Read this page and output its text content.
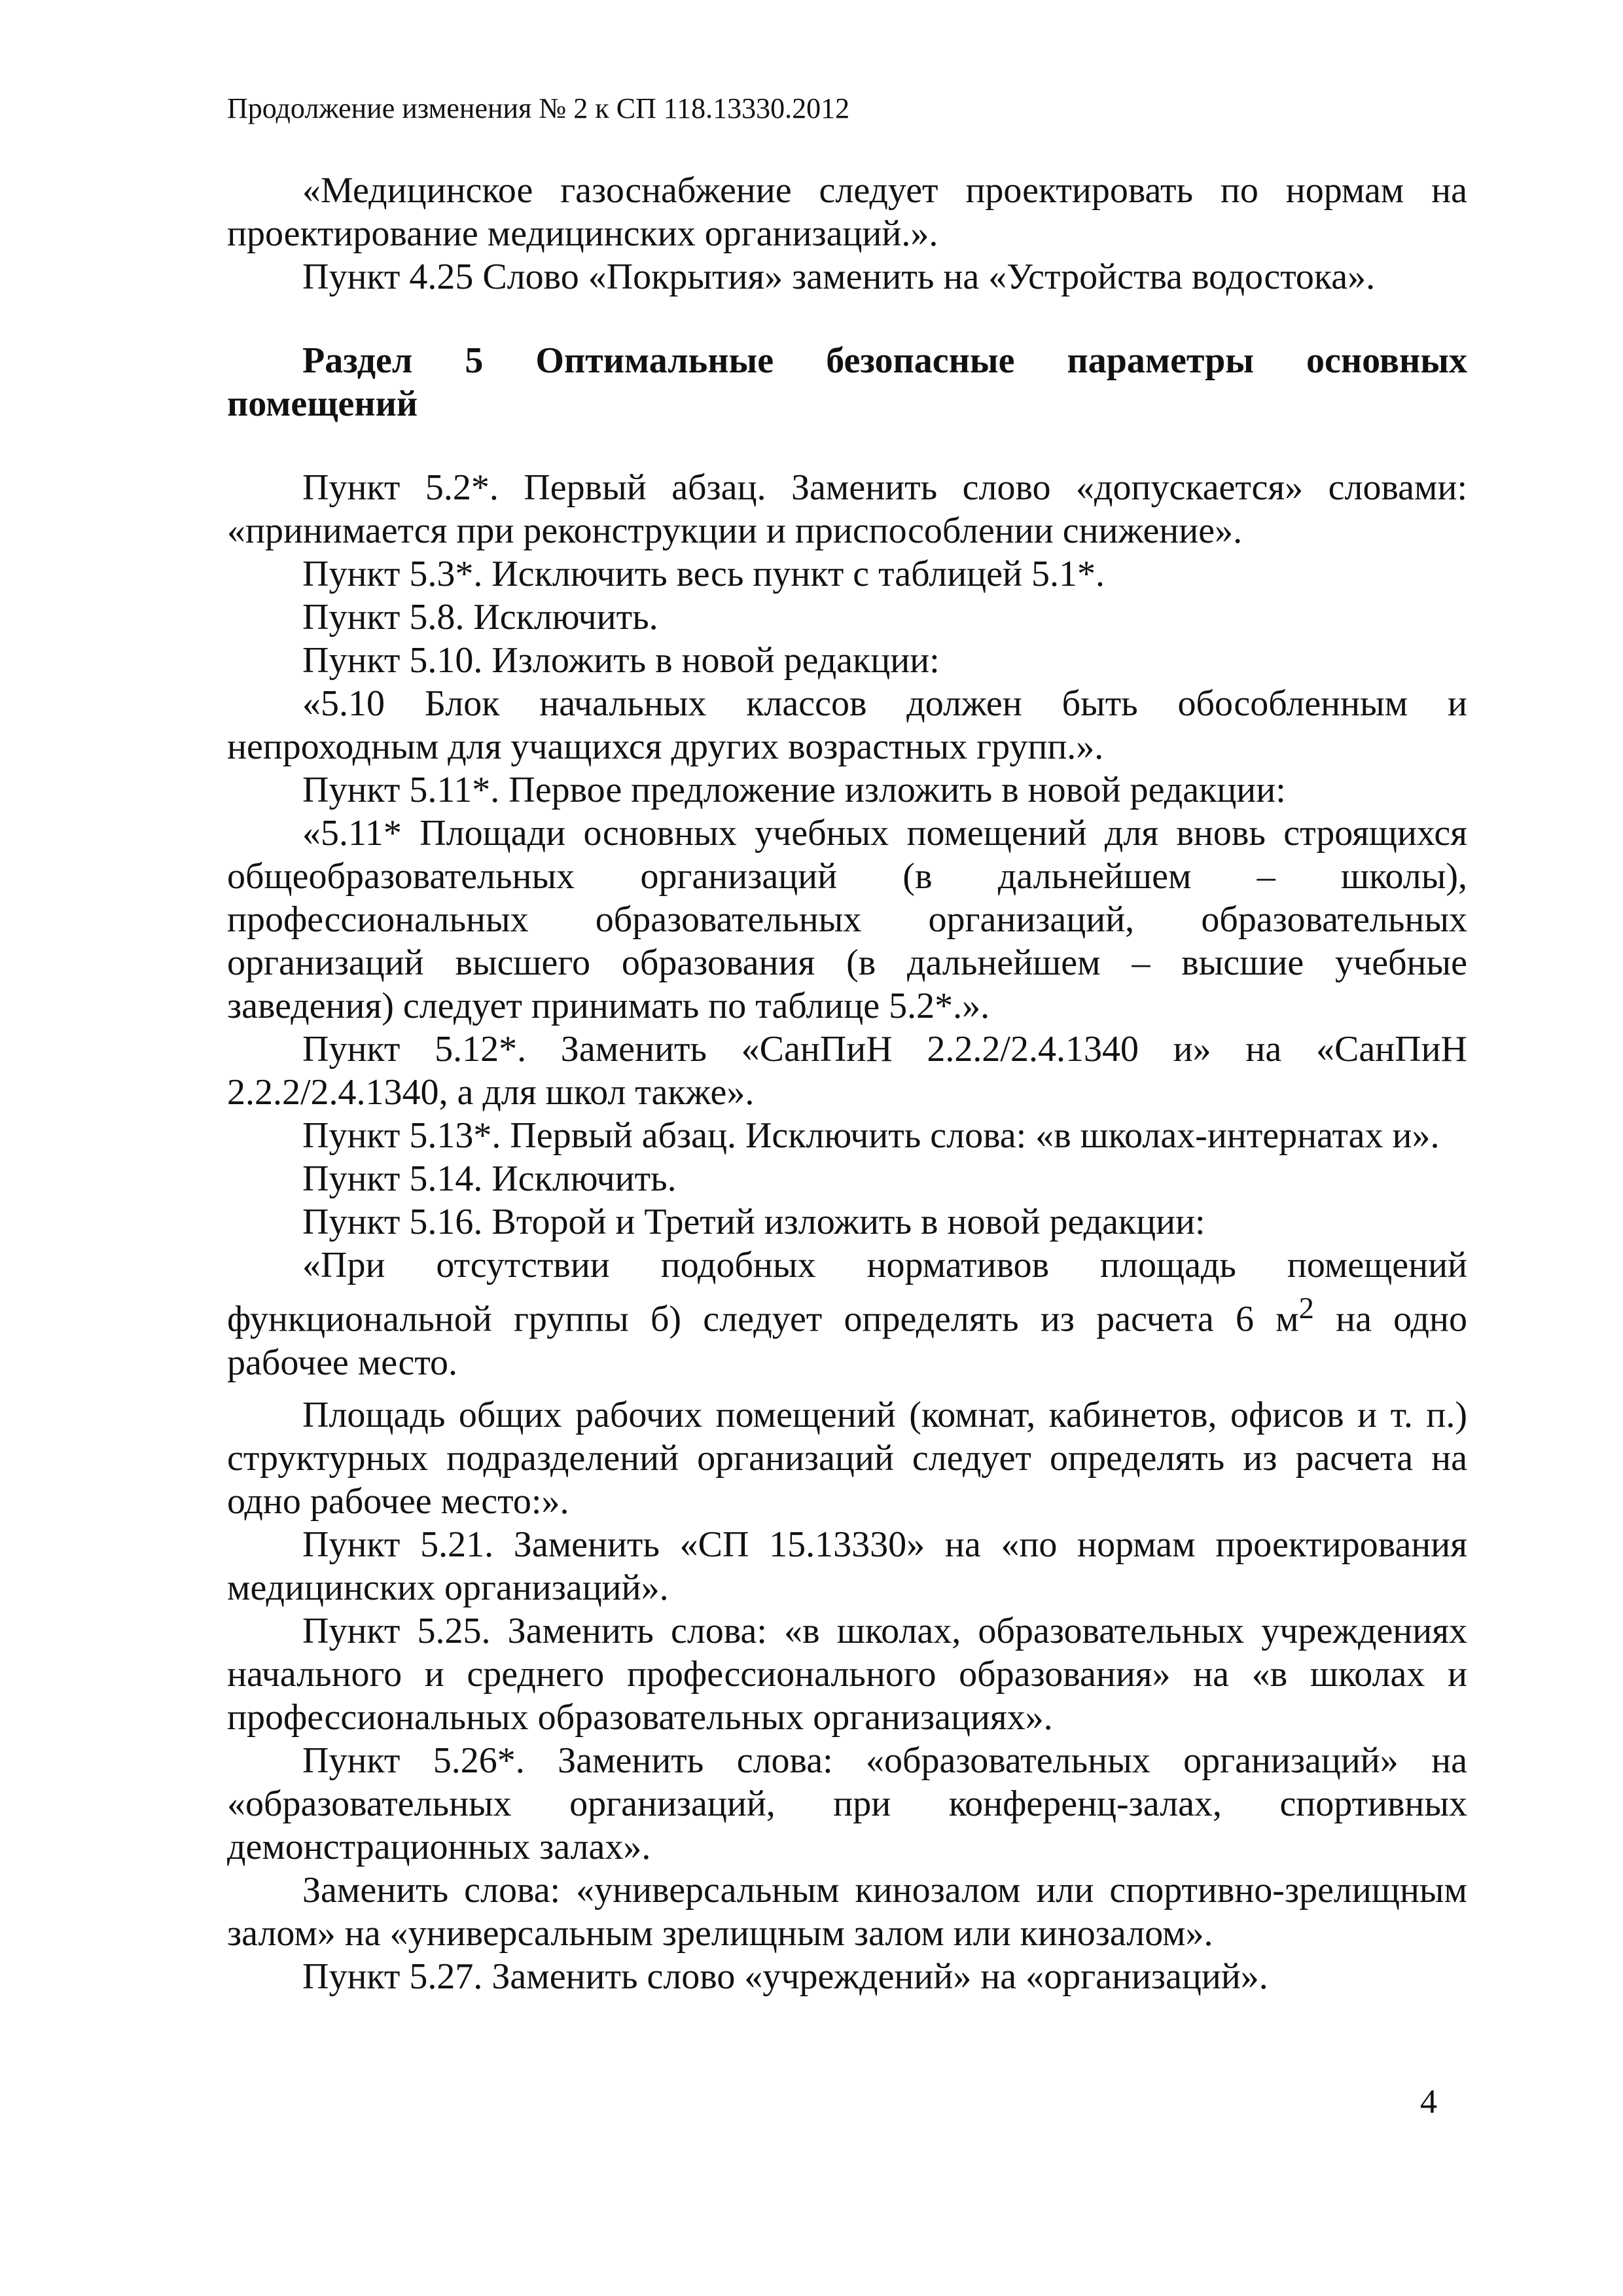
Продолжение изменения № 2 к СП 118.13330.2012

«Медицинское газоснабжение следует проектировать по нормам на проектирование медицинских организаций.».

Пункт 4.25 Слово «Покрытия» заменить на «Устройства водостока».

Раздел 5 Оптимальные безопасные параметры основных помещений

Пункт 5.2*. Первый абзац. Заменить слово «допускается» словами: «принимается при реконструкции и приспособлении снижение».

Пункт 5.3*. Исключить весь пункт с таблицей 5.1*.

Пункт 5.8. Исключить.

Пункт 5.10. Изложить в новой редакции:

«5.10 Блок начальных классов должен быть обособленным и непроходным для учащихся других возрастных групп.».

Пункт 5.11*. Первое предложение изложить в новой редакции:

«5.11* Площади основных учебных помещений для вновь строящихся общеобразовательных организаций (в дальнейшем – школы), профессиональных образовательных организаций, образовательных организаций высшего образования (в дальнейшем – высшие учебные заведения) следует принимать по таблице 5.2*.».

Пункт 5.12*. Заменить «СанПиН 2.2.2/2.4.1340 и» на «СанПиН 2.2.2/2.4.1340, а для школ также».

Пункт 5.13*. Первый абзац. Исключить слова: «в школах-интернатах и».

Пункт 5.14. Исключить.

Пункт 5.16. Второй и Третий изложить в новой редакции:

«При отсутствии подобных нормативов площадь помещений функциональной группы б) следует определять из расчета 6 $м^2$ на одно рабочее место.

Площадь общих рабочих помещений (комнат, кабинетов, офисов и т. п.) структурных подразделений организаций следует определять из расчета на одно рабочее место:».

Пункт 5.21. Заменить «СП 15.13330» на «по нормам проектирования медицинских организаций».

Пункт 5.25. Заменить слова: «в школах, образовательных учреждениях начального и среднего профессионального образования» на «в школах и профессиональных образовательных организациях».

Пункт 5.26*. Заменить слова: «образовательных организаций» на «образовательных организаций, при конференц-залах, спортивных демонстрационных залах».

Заменить слова: «универсальным кинозалом или спортивно-зрелищным залом» на «универсальным зрелищным залом или кинозалом».

Пункт 5.27. Заменить слово «учреждений» на «организаций».

4
